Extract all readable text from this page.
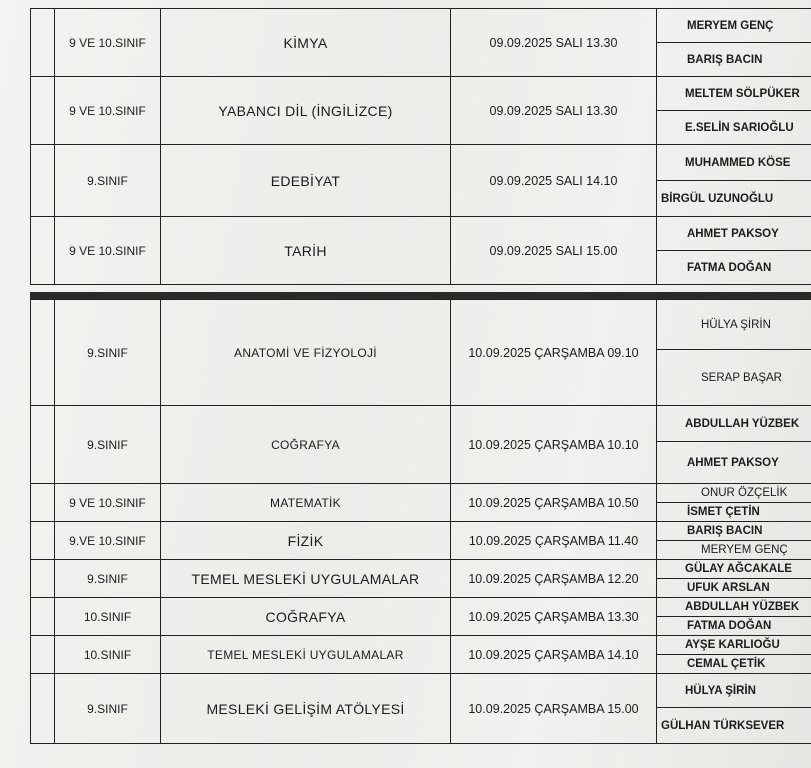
	9 VE 10.SINIF	KİMYA	09.09.2025 SALI 13.30	MERYEM GENÇ
				BARIŞ BACIN
	9 VE 10.SINIF	YABANCI DİL (İNGİLİZCE)	09.09.2025 SALI 13.30	MELTEM SÖLPÜKER
				E.SELİN SARIOĞLU
	9.SINIF	EDEBİYAT	09.09.2025 SALI 14.10	MUHAMMED KÖSE
				BİRGÜL UZUNOĞLU
	9 VE 10.SINIF	TARİH	09.09.2025 SALI 15.00	AHMET PAKSOY
				FATMA DOĞAN
	9.SINIF	ANATOMİ VE FİZYOLOJİ	10.09.2025 ÇARŞAMBA 09.10	HÜLYA ŞİRİN
				SERAP BAŞAR
	9.SINIF	COĞRAFYA	10.09.2025 ÇARŞAMBA 10.10	ABDULLAH YÜZBEK
				AHMET PAKSOY
	9 VE 10.SINIF	MATEMATİK	10.09.2025 ÇARŞAMBA 10.50	ONUR ÖZÇELİK
				İSMET ÇETİN
	9.VE 10.SINIF	FİZİK	10.09.2025 ÇARŞAMBA 11.40	BARIŞ BACIN
				MERYEM GENÇ
	9.SINIF	TEMEL MESLEKİ UYGULAMALAR	10.09.2025 ÇARŞAMBA 12.20	GÜLAY AĞCAKALE
				UFUK ARSLAN
	10.SINIF	COĞRAFYA	10.09.2025 ÇARŞAMBA 13.30	ABDULLAH YÜZBEK
				FATMA DOĞAN
	10.SINIF	TEMEL MESLEKİ UYGULAMALAR	10.09.2025 ÇARŞAMBA 14.10	AYŞE KARLIOĞU
				CEMAL ÇETİK
	9.SINIF	MESLEKİ GELİŞİM ATÖLYESİ	10.09.2025 ÇARŞAMBA 15.00	HÜLYA ŞİRİN
				GÜLHAN TÜRKSEVER
